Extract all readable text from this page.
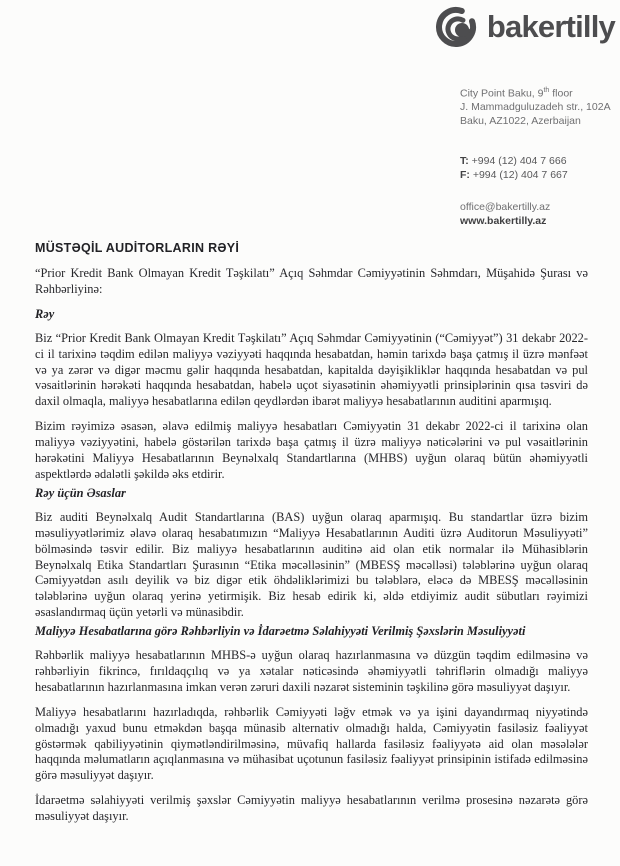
bakertilly
City Point Baku, 9th floor
J. Mammadguluzadeh str., 102A
Baku, AZ1022, Azerbaijan
T: +994 (12) 404 7 666
F: +994 (12) 404 7 667
office@bakertilly.az
www.bakertilly.az
MÜSTƏQİL AUDİTORLARIN RƏYİ

“Prior Kredit Bank Olmayan Kredit Təşkilatı” Açıq Səhmdar Cəmiyyətinin Səhmdarı, Müşahidə Şurası və Rəhbərliyinə:

Rəy

Biz “Prior Kredit Bank Olmayan Kredit Təşkilatı” Açıq Səhmdar Cəmiyyətinin (“Cəmiyyət”) 31 dekabr 2022-ci il tarixinə təqdim edilən maliyyə vəziyyəti haqqında hesabatdan, həmin tarixdə başa çatmış il üzrə mənfəət və ya zərər və digər məcmu gəlir haqqında hesabatdan, kapitalda dəyişikliklər haqqında hesabatdan və pul vəsaitlərinin hərəkəti haqqında hesabatdan, habelə uçot siyasətinin əhəmiyyətli prinsiplərinin qısa təsviri də daxil olmaqla, maliyyə hesabatlarına edilən qeydlərdən ibarət maliyyə hesabatlarının auditini aparmışıq.

Bizim rəyimizə əsasən, əlavə edilmiş maliyyə hesabatları Cəmiyyətin 31 dekabr 2022-ci il tarixinə olan maliyyə vəziyyətini, habelə göstərilən tarixdə başa çatmış il üzrə maliyyə nəticələrini və pul vəsaitlərinin hərəkətini Maliyyə Hesabatlarının Beynəlxalq Standartlarına (MHBS) uyğun olaraq bütün əhəmiyyətli aspektlərdə ədalətli şəkildə əks etdirir.

Rəy üçün Əsaslar

Biz auditi Beynəlxalq Audit Standartlarına (BAS) uyğun olaraq aparmışıq. Bu standartlar üzrə bizim məsuliyyətlərimiz əlavə olaraq hesabatımızın “Maliyyə Hesabatlarının Auditi üzrə Auditorun Məsuliyyəti” bölməsində təsvir edilir. Biz maliyyə hesabatlarının auditinə aid olan etik normalar ilə Mühasiblərin Beynəlxalq Etika Standartları Şurasının “Etika məcəlləsinin” (MBESŞ məcəlləsi) tələblərinə uyğun olaraq Cəmiyyətdən asılı deyilik və biz digər etik öhdəliklərimizi bu tələblərə, eləcə də MBESŞ məcəlləsinin tələblərinə uyğun olaraq yerinə yetirmişik. Biz hesab edirik ki, əldə etdiyimiz audit sübutları rəyimizi əsaslandırmaq üçün yetərli və münasibdir.

Maliyyə Hesabatlarına görə Rəhbərliyin və İdarəetmə Səlahiyyəti Verilmiş Şəxslərin Məsuliyyəti

Rəhbərlik maliyyə hesabatlarının MHBS-ə uyğun olaraq hazırlanmasına və düzgün təqdim edilməsinə və rəhbərliyin fikrincə, fırıldaqçılıq və ya xətalar nəticəsində əhəmiyyətli təhriflərin olmadığı maliyyə hesabatlarının hazırlanmasına imkan verən zəruri daxili nəzarət sisteminin təşkilinə görə məsuliyyət daşıyır.

Maliyyə hesabatlarını hazırladıqda, rəhbərlik Cəmiyyəti ləğv etmək və ya işini dayandırmaq niyyətində olmadığı yaxud bunu etməkdən başqa münasib alternativ olmadığı halda, Cəmiyyətin fasiləsiz fəaliyyət göstərmək qabiliyyətinin qiymətləndirilməsinə, müvafiq hallarda fasiləsiz fəaliyyətə aid olan məsələlər haqqında məlumatların açıqlanmasına və mühasibat uçotunun fasiləsiz fəaliyyət prinsipinin istifadə edilməsinə görə məsuliyyət daşıyır.

İdarəetmə səlahiyyəti verilmiş şəxslər Cəmiyyətin maliyyə hesabatlarının verilmə prosesinə nəzarətə görə məsuliyyət daşıyır.
